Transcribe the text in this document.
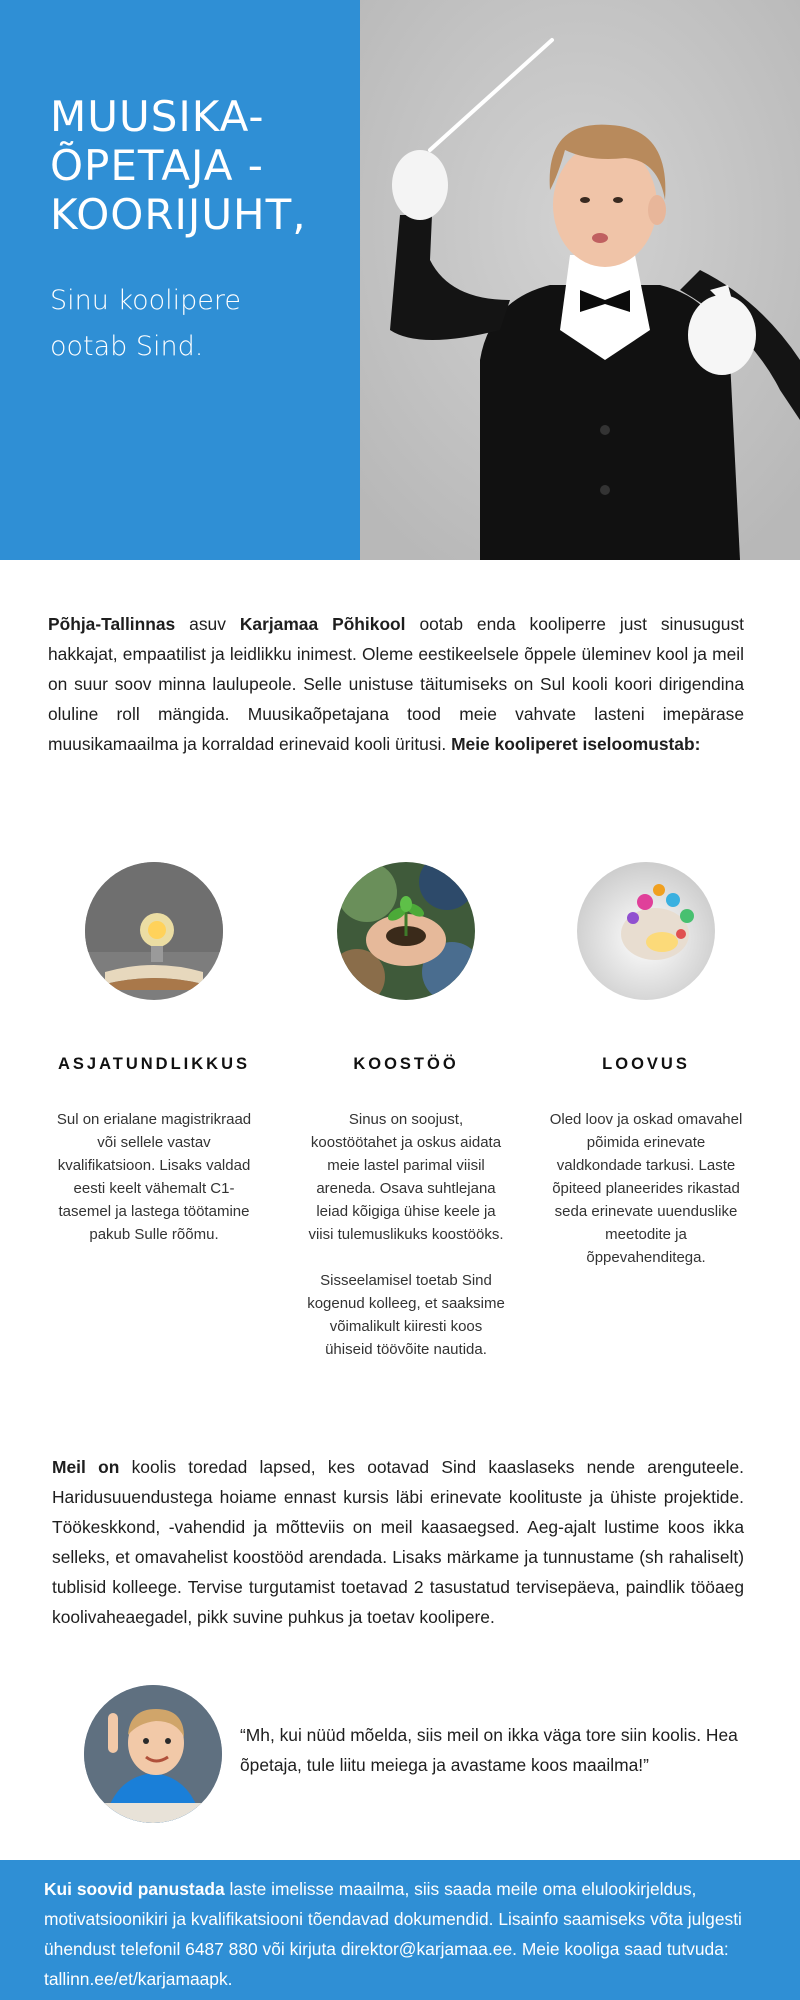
MUUSIKA-
ÕPETAJA -
KOORIJUHT,
Sinu koolipere
ootab Sind.

Põhja-Tallinnas asuv Karjamaa Põhikool ootab enda kooliperre just sinusugust hakkajat, empaatilist ja leidlikku inimest. Oleme eestikeelsele õppele üleminev kool ja meil on suur soov minna laulupeole. Selle unistuse täitumiseks on Sul kooli koori dirigendina oluline roll mängida. Muusikaõpetajana tood meie vahvate lasteni imepärase muusikamaailma ja korraldad erinevaid kooli üritusi. Meie kooliperet iseloomustab:

ASJATUNDLIKKUS
Sul on erialane magistrikraad või sellele vastav kvalifikatsioon. Lisaks valdad eesti keelt vähemalt C1-tasemel ja lastega töötamine pakub Sulle rõõmu.
KOOSTÖÖ
Sinus on soojust, koostöötahet ja oskus aidata meie lastel parimal viisil areneda. Osava suhtlejana leiad kõigiga ühise keele ja viisi tulemuslikuks koostööks.
Sisseelamisel toetab Sind kogenud kolleeg, et saaksime võimalikult kiiresti koos ühiseid töövõite nautida.
LOOVUS
Oled loov ja oskad omavahel põimida erinevate valdkondade tarkusi. Laste õpiteed planeerides rikastad seda erinevate uuenduslike meetodite ja õppevahenditega.

Meil on koolis toredad lapsed, kes ootavad Sind kaaslaseks nende arenguteele. Haridusuuendustega hoiame ennast kursis läbi erinevate koolituste ja ühiste projektide. Töökeskkond, -vahendid ja mõtteviis on meil kaasaegsed. Aeg-ajalt lustime koos ikka selleks, et omavahelist koostööd arendada. Lisaks märkame ja tunnustame (sh rahaliselt) tublisid kolleege. Tervise turgutamist toetavad 2 tasustatud tervisepäeva, paindlik tööaeg koolivaheaegadel, pikk suvine puhkus ja toetav koolipere.

“Mh, kui nüüd mõelda, siis meil on ikka väga tore siin koolis. Hea õpetaja, tule liitu meiega ja avastame koos maailma!”

Kui soovid panustada laste imelisse maailma, siis saada meile oma elulookirjeldus, motivatsioonikiri ja kvalifikatsiooni tõendavad dokumendid. Lisainfo saamiseks võta julgesti ühendust telefonil 6487 880 või kirjuta direktor@karjamaa.ee. Meie kooliga saad tutvuda: tallinn.ee/et/karjamaapk.
